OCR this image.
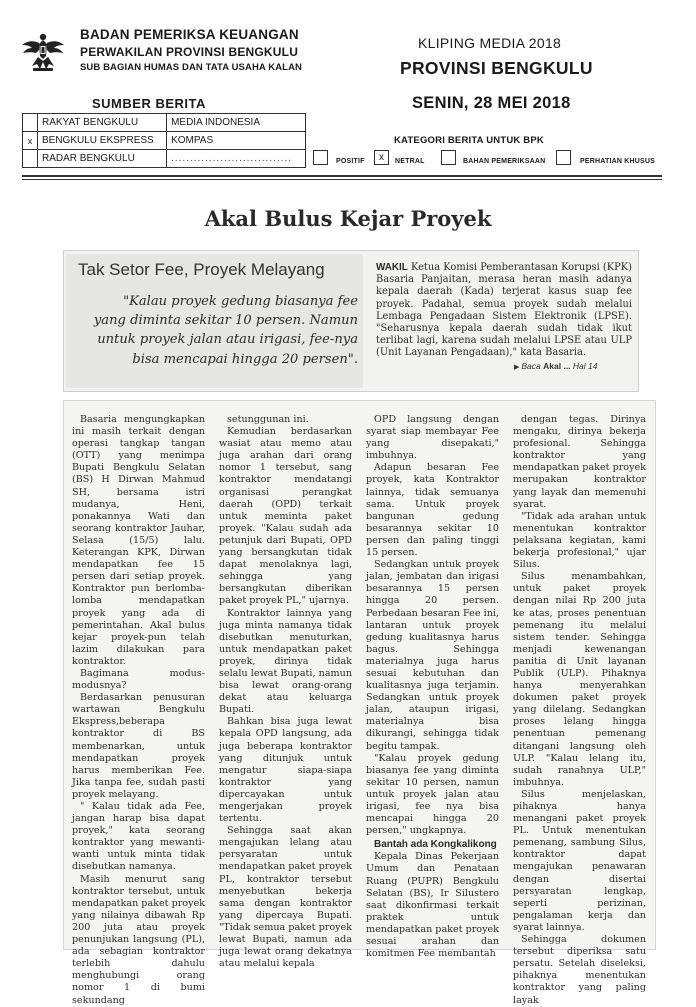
BADAN PEMERIKSA KEUANGAN
PERWAKILAN PROVINSI BENGKULU
SUB BAGIAN HUMAS DAN TATA USAHA KALAN
KLIPING MEDIA 2018
PROVINSI BENGKULU
SUMBER BERITA	SENIN, 28 MEI 2018
	RAKYAT BENGKULU	MEDIA INDONESIA
x	BENGKULU EKSPRESS	KOMPAS
	RADAR BENGKULU	................................
KATEGORI BERITA UNTUK BPK
POSITIF	x	NETRAL	BAHAN PEMERIKSAAN	PERHATIAN KHUSUS
Akal Bulus Kejar Proyek
Tak Setor Fee, Proyek Melayang
"Kalau proyek gedung biasanya fee yang diminta sekitar 10 persen. Namun untuk proyek jalan atau irigasi, fee-nya bisa mencapai hingga 20 persen".
WAKIL Ketua Komisi Pemberantasan Korupsi (KPK) Basaria Panjaitan, merasa heran masih adanya kepala daerah (Kada) terjerat kasus suap fee proyek. Padahal, semua proyek sudah melalui Lembaga Pengadaan Sistem Elektronik (LPSE). "Seharusnya kepala daerah sudah tidak ikut terlibat lagi, karena sudah melalui LPSE atau ULP (Unit Layanan Pengadaan)," kata Basaria.
▶ Baca Akal ... Hal 14

Basaria mengungkapkan ini masih terkait dengan operasi tangkap tangan (OTT) yang menimpa Bupati Bengkulu Selatan (BS) H Dirwan Mahmud SH, bersama istri mudanya, Heni, ponakannya Wati dan seorang kontraktor Jauhar, Selasa (15/5) lalu. Keterangan KPK, Dirwan mendapatkan fee 15 persen dari setiap proyek. Kontraktor pun berlomba-lomba mendapatkan proyek yang ada di pemerintahan. Akal bulus kejar proyek-pun telah lazim dilakukan para kontraktor.

Bagimana modus-modusnya?

Berdasarkan penusuran wartawan Bengkulu Ekspress,beberapa kontraktor di BS membenarkan, untuk mendapatkan proyek harus memberikan Fee. Jika tanpa fee, sudah pasti proyek melayang.

" Kalau tidak ada Fee, jangan harap bisa dapat proyek," kata seorang kontraktor yang mewanti-wanti untuk minta tidak disebutkan namanya.

Masih menurut sang kontraktor tersebut, untuk mendapatkan paket proyek yang nilainya dibawah Rp 200 juta atau proyek penunjukan langsung (PL), ada sebagian kontraktor terlebih dahulu menghubungi orang nomor 1 di bumi sekundang

setunggunan ini.

Kemudian berdasarkan wasiat atau memo atau juga arahan dari orang nomor 1 tersebut, sang kontraktor mendatangi organisasi perangkat daerah (OPD) terkait untuk meminta paket proyek. "Kalau sudah ada petunjuk dari Bupati, OPD yang bersangkutan tidak dapat menolaknya lagi, sehingga yang bersangkutan diberikan paket proyek PL," ujarnya.

Kontraktor lainnya yang juga minta namanya tidak disebutkan menuturkan, untuk mendapatkan paket proyek, dirinya tidak selalu lewat Bupati, namun bisa lewat orang-orang dekat atau keluarga Bupati.

Bahkan bisa juga lewat kepala OPD langsung, ada juga beberapa kontraktor yang ditunjuk untuk mengatur siapa-siapa kontraktor yang dipercayakan untuk mengerjakan proyek tertentu.

Sehingga saat akan mengajukan lelang atau persyaratan untuk mendapatkan paket proyek PL, kontraktor tersebut menyebutkan bekerja sama dengan kontraktor yang dipercaya Bupati. "Tidak semua paket proyek lewat Bupati, namun ada juga lewat orang dekatnya atau melalui kepala

OPD langsung dengan syarat siap membayar Fee yang disepakati," imbuhnya.

Adapun besaran Fee proyek, kata Kontraktor lainnya, tidak semuanya sama. Untuk proyek bangunan gedung besarannya sekitar 10 persen dan paling tinggi 15 persen.

Sedangkan untuk proyek jalan, jembatan dan irigasi besarannya 15 persen hingga 20 persen. Perbedaan besaran Fee ini, lantaran untuk proyek gedung kualitasnya harus bagus. Sehingga materialnya juga harus sesuai kebutuhan dan kualitasnya juga terjamin. Sedangkan untuk proyek jalan, ataupun irigasi, materialnya bisa dikurangi, sehingga tidak begitu tampak.

"Kalau proyek gedung biasanya fee yang diminta sekitar 10 persen, namun untuk proyek jalan atau irigasi, fee nya bisa mencapai hingga 20 persen," ungkapnya.

Bantah ada Kongkalikong

Kepala Dinas Pekerjaan Umum dan Penataan Ruang (PUPR) Bengkulu Selatan (BS), Ir Silustero saat dikonfirmasi terkait praktek untuk mendapatkan paket proyek sesuai arahan dan komitmen Fee membantah

dengan tegas. Dirinya mengaku, dirinya bekerja profesional. Sehingga kontraktor yang mendapatkan paket proyek merupakan kontraktor yang layak dan memenuhi syarat.

"Tidak ada arahan untuk menentukan kontraktor pelaksana kegiatan, kami bekerja profesional," ujar Silus.

Silus menambahkan, untuk paket proyek dengan nilai Rp 200 juta ke atas, proses penentuan pemenang itu melalui sistem tender. Sehingga menjadi kewenangan panitia di Unit layanan Publik (ULP). Pihaknya hanya menyerahkan dokumen paket proyek yang dilelang. Sedangkan proses lelang hingga penentuan pemenang ditangani langsung oleh ULP. "Kalau lelang itu, sudah ranahnya ULP," imbuhnya.

Silus menjelaskan, pihaknya hanya menangani paket proyek PL. Untuk menentukan pemenang, sambung Silus, kontraktor dapat mengajukan penawaran dengan disertai persyaratan lengkap, seperti perizinan, pengalaman kerja dan syarat lainnya.

Sehingga dokumen tersebut diperiksa satu persatu. Setelah diseleksi, pihaknya menentukan kontraktor yang paling layak
